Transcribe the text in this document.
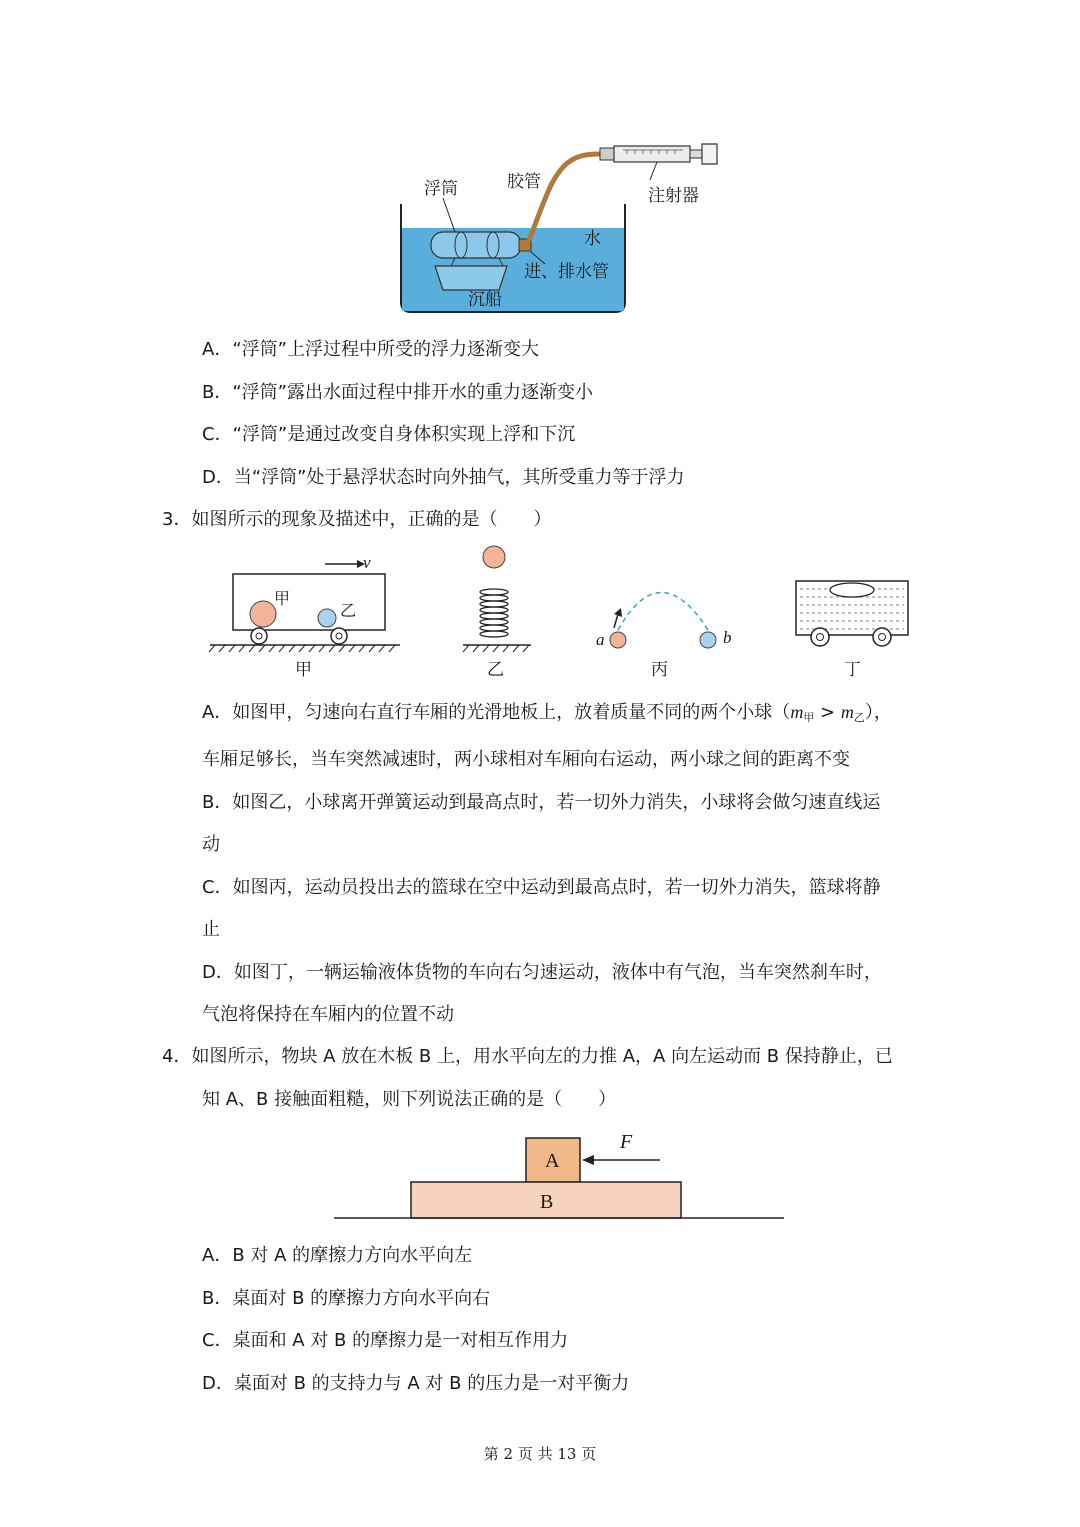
浮筒	胶管
注射器
水
进、排水管
沉船
A．“浮筒”上浮过程中所受的浮力逐渐变大
B．“浮筒”露出水面过程中排开水的重力逐渐变小
C．“浮筒”是通过改变自身体积实现上浮和下沉
D．当“浮筒”处于悬浮状态时向外抽气，其所受重力等于浮力
3．如图所示的现象及描述中，正确的是（　　）
v
甲
乙
甲	乙
a	b
丙	丁
A．如图甲，匀速向右直行车厢的光滑地板上，放着质量不同的两个小球$(m_甲 > m_乙)$，
车厢足够长，当车突然减速时，两小球相对车厢向右运动，两小球之间的距离不变
B．如图乙，小球离开弹簧运动到最高点时，若一切外力消失，小球将会做匀速直线运
动
C．如图丙，运动员投出去的篮球在空中运动到最高点时，若一切外力消失，篮球将静
止
D．如图丁，一辆运输液体货物的车向右匀速运动，液体中有气泡，当车突然刹车时，
气泡将保持在车厢内的位置不动
4．如图所示，物块 A 放在木板 B 上，用水平向左的力推 A，A 向左运动而 B 保持静止，已
知 A、B 接触面粗糙，则下列说法正确的是（　　）
A
B
F
A．B 对 A 的摩擦力方向水平向左
B．桌面对 B 的摩擦力方向水平向右
C．桌面和 A 对 B 的摩擦力是一对相互作用力
D．桌面对 B 的支持力与 A 对 B 的压力是一对平衡力
第 2 页 共 13 页
